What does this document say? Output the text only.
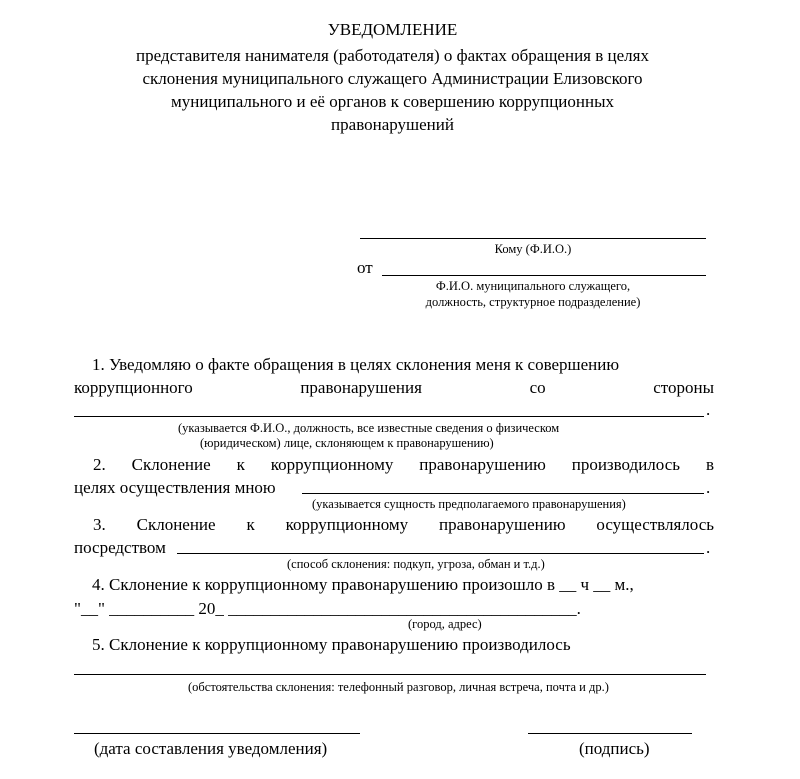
УВЕДОМЛЕНИЕ
представителя нанимателя (работодателя) о фактах обращения в целях
склонения муниципального служащего Администрации Елизовского
муниципального и её органов к совершению коррупционных
правонарушений
Кому (Ф.И.О.)
от
Ф.И.О. муниципального служащего,
должность, структурное подразделение)
1. Уведомляю о факте обращения в целях склонения меня к совершению
коррупционного	правонарушения	со	стороны
.
(указывается Ф.И.О., должность, все известные сведения о физическом
(юридическом) лице, склоняющем к правонарушению)
2. Склонение к коррупционному правонарушению производилось в
целях осуществления мною	.
(указывается сущность предполагаемого правонарушения)
3. Склонение к коррупционному правонарушению осуществлялось
посредством	.
(способ склонения: подкуп, угроза, обман и т.д.)
4. Склонение к коррупционному правонарушению произошло в __ ч __ м.,
"__" __________ 20_ _________________________________________.
(город, адрес)
5. Склонение к коррупционному правонарушению производилось
(обстоятельства склонения: телефонный разговор, личная встреча, почта и др.)
(дата составления уведомления)	(подпись)
